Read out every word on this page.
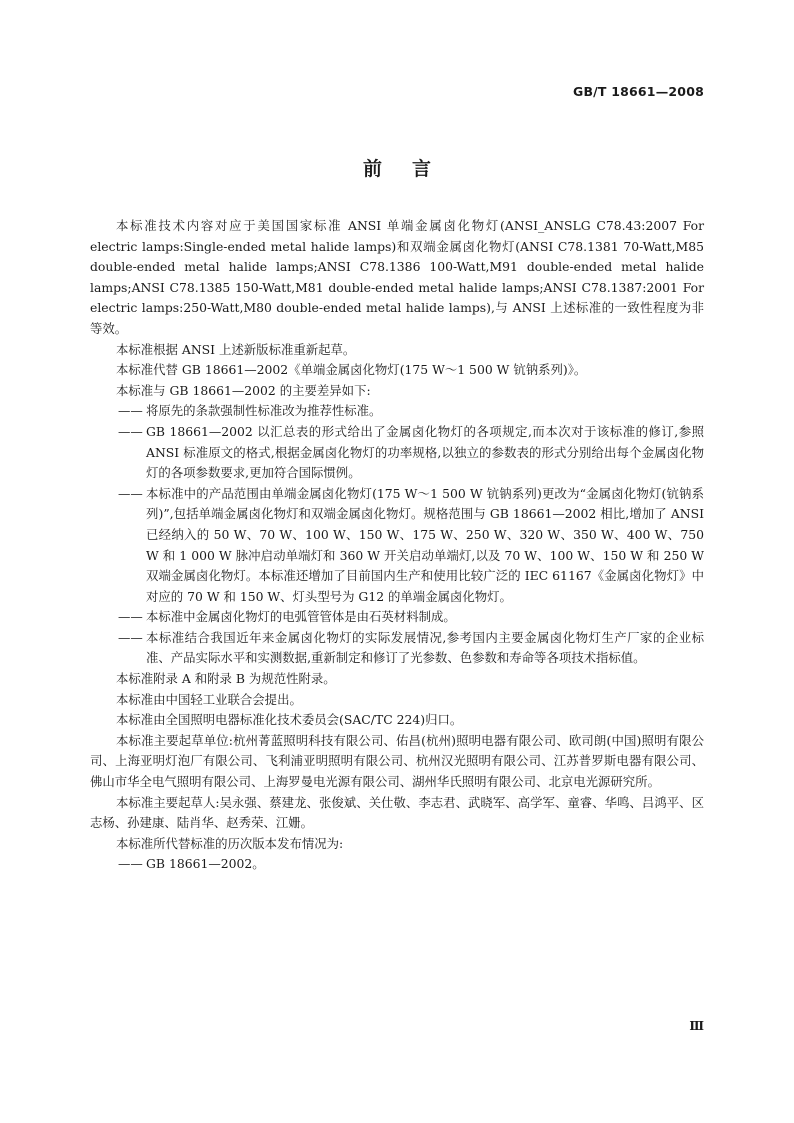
GB/T 18661—2008
前言

本标准技术内容对应于美国国家标准 ANSI 单端金属卤化物灯(ANSI_ANSLG C78.43:2007 For electric lamps:Single-ended metal halide lamps)和双端金属卤化物灯(ANSI C78.1381 70-Watt,M85 double-ended metal halide lamps;ANSI C78.1386 100-Watt,M91 double-ended metal halide lamps;ANSI C78.1385 150-Watt,M81 double-ended metal halide lamps;ANSI C78.1387:2001 For electric lamps:250-Watt,M80 double-ended metal halide lamps),与 ANSI 上述标准的一致性程度为非等效。

本标准根据 ANSI 上述新版标准重新起草。

本标准代替 GB 18661—2002《单端金属卤化物灯(175 W～1 500 W 钪钠系列)》。

本标准与 GB 18661—2002 的主要差异如下:

—— 将原先的条款强制性标准改为推荐性标准。

—— GB 18661—2002 以汇总表的形式给出了金属卤化物灯的各项规定,而本次对于该标准的修订,参照 ANSI 标准原文的格式,根据金属卤化物灯的功率规格,以独立的参数表的形式分别给出每个金属卤化物灯的各项参数要求,更加符合国际惯例。

—— 本标准中的产品范围由单端金属卤化物灯(175 W～1 500 W 钪钠系列)更改为“金属卤化物灯(钪钠系列)”,包括单端金属卤化物灯和双端金属卤化物灯。规格范围与 GB 18661—2002 相比,增加了 ANSI 已经纳入的 50 W、70 W、100 W、150 W、175 W、250 W、320 W、350 W、400 W、750 W 和 1 000 W 脉冲启动单端灯和 360 W 开关启动单端灯,以及 70 W、100 W、150 W 和 250 W 双端金属卤化物灯。本标准还增加了目前国内生产和使用比较广泛的 IEC 61167《金属卤化物灯》中对应的 70 W 和 150 W、灯头型号为 G12 的单端金属卤化物灯。

—— 本标准中金属卤化物灯的电弧管管体是由石英材料制成。

—— 本标准结合我国近年来金属卤化物灯的实际发展情况,参考国内主要金属卤化物灯生产厂家的企业标准、产品实际水平和实测数据,重新制定和修订了光参数、色参数和寿命等各项技术指标值。

本标准附录 A 和附录 B 为规范性附录。

本标准由中国轻工业联合会提出。

本标准由全国照明电器标准化技术委员会(SAC/TC 224)归口。

本标准主要起草单位:杭州菁蓝照明科技有限公司、佑昌(杭州)照明电器有限公司、欧司朗(中国)照明有限公司、上海亚明灯泡厂有限公司、飞利浦亚明照明有限公司、杭州汉光照明有限公司、江苏普罗斯电器有限公司、佛山市华全电气照明有限公司、上海罗曼电光源有限公司、湖州华氏照明有限公司、北京电光源研究所。

本标准主要起草人:吴永强、蔡建龙、张俊斌、关仕敬、李志君、武晓军、高学军、童睿、华鸣、吕鸿平、区志杨、孙建康、陆肖华、赵秀荣、江姗。

本标准所代替标准的历次版本发布情况为:

—— GB 18661—2002。

Ⅲ
